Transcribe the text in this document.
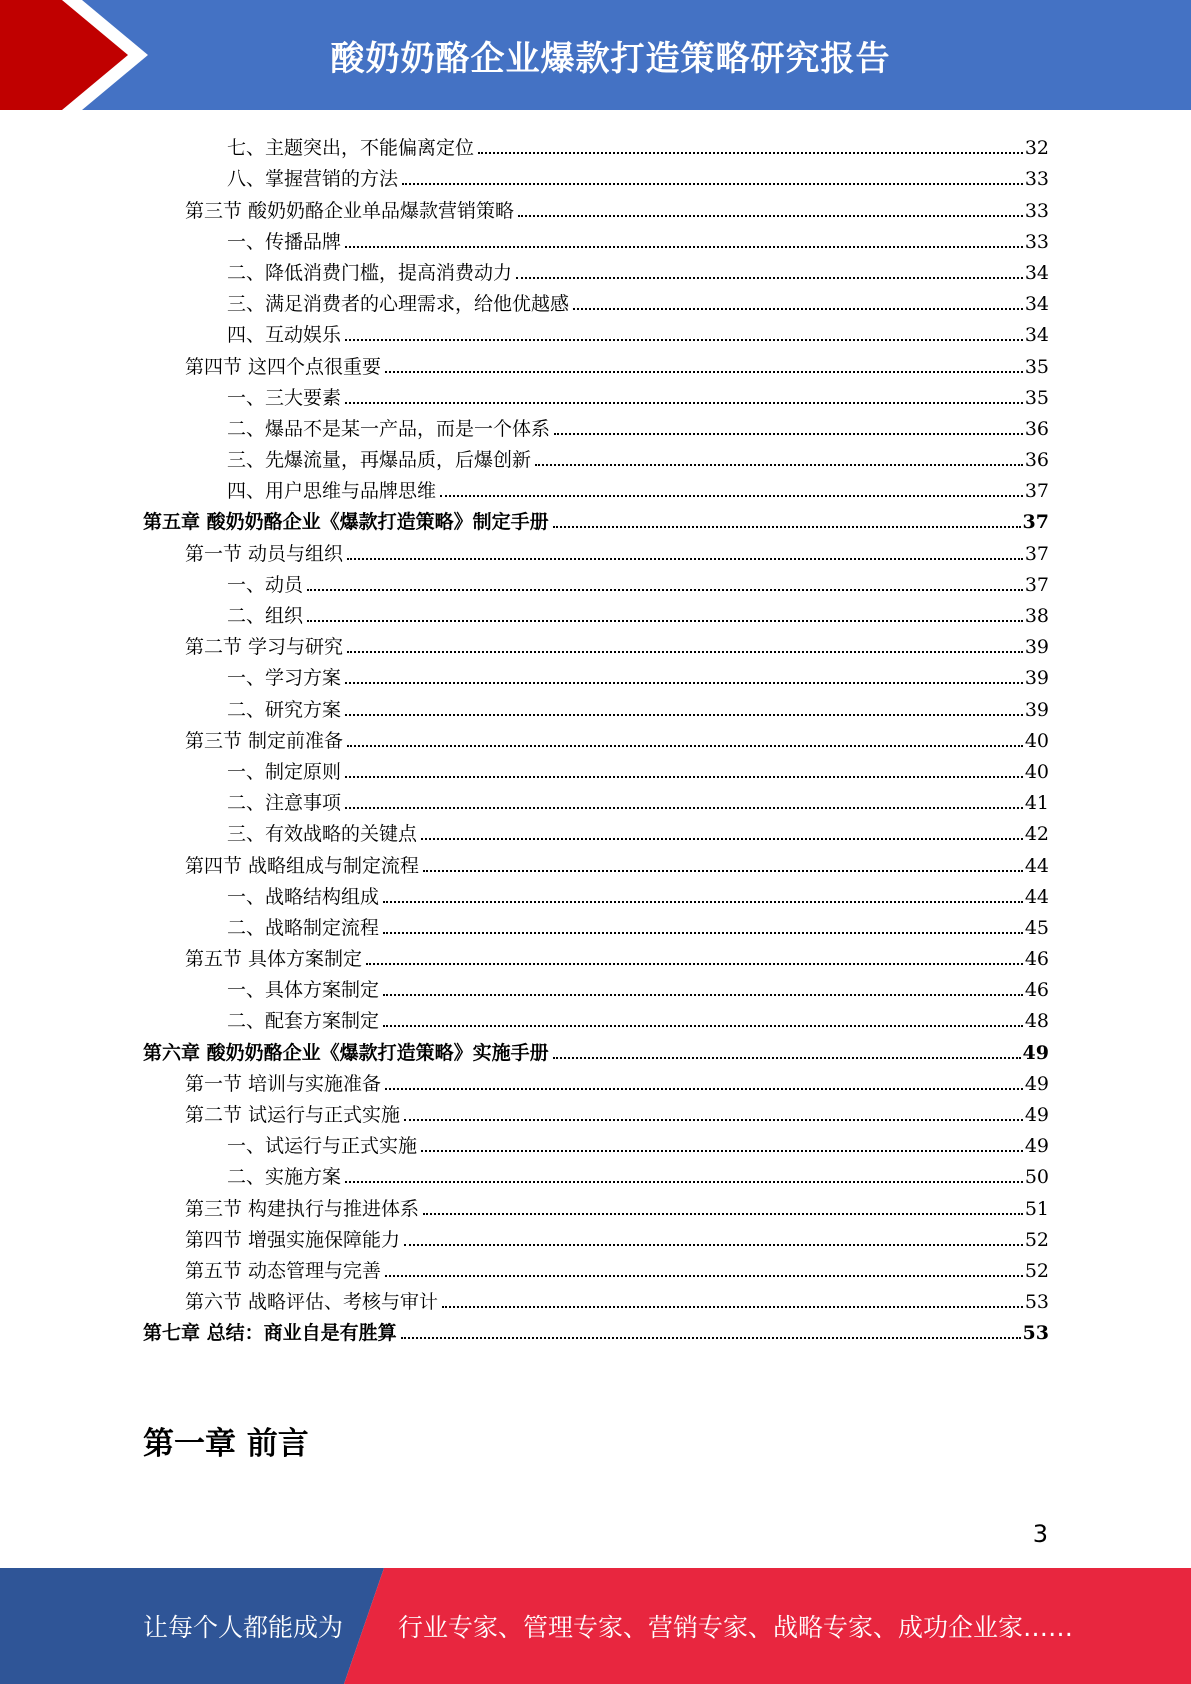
酸奶奶酪企业爆款打造策略研究报告
七、主题突出，不能偏离定位	32
八、掌握营销的方法	33
第三节 酸奶奶酪企业单品爆款营销策略	33
一、传播品牌	33
二、降低消费门槛，提高消费动力	34
三、满足消费者的心理需求，给他优越感	34
四、互动娱乐	34
第四节 这四个点很重要	35
一、三大要素	35
二、爆品不是某一产品，而是一个体系	36
三、先爆流量，再爆品质，后爆创新	36
四、用户思维与品牌思维	37
第五章 酸奶奶酪企业《爆款打造策略》制定手册	37
第一节 动员与组织	37
一、动员	37
二、组织	38
第二节 学习与研究	39
一、学习方案	39
二、研究方案	39
第三节 制定前准备	40
一、制定原则	40
二、注意事项	41
三、有效战略的关键点	42
第四节 战略组成与制定流程	44
一、战略结构组成	44
二、战略制定流程	45
第五节 具体方案制定	46
一、具体方案制定	46
二、配套方案制定	48
第六章 酸奶奶酪企业《爆款打造策略》实施手册	49
第一节 培训与实施准备	49
第二节 试运行与正式实施	49
一、试运行与正式实施	49
二、实施方案	50
第三节 构建执行与推进体系	51
第四节 增强实施保障能力	52
第五节 动态管理与完善	52
第六节 战略评估、考核与审计	53
第七章 总结：商业自是有胜算	53
第一章 前言
3
让每个人都能成为 行业专家、管理专家、营销专家、战略专家、成功企业家……
